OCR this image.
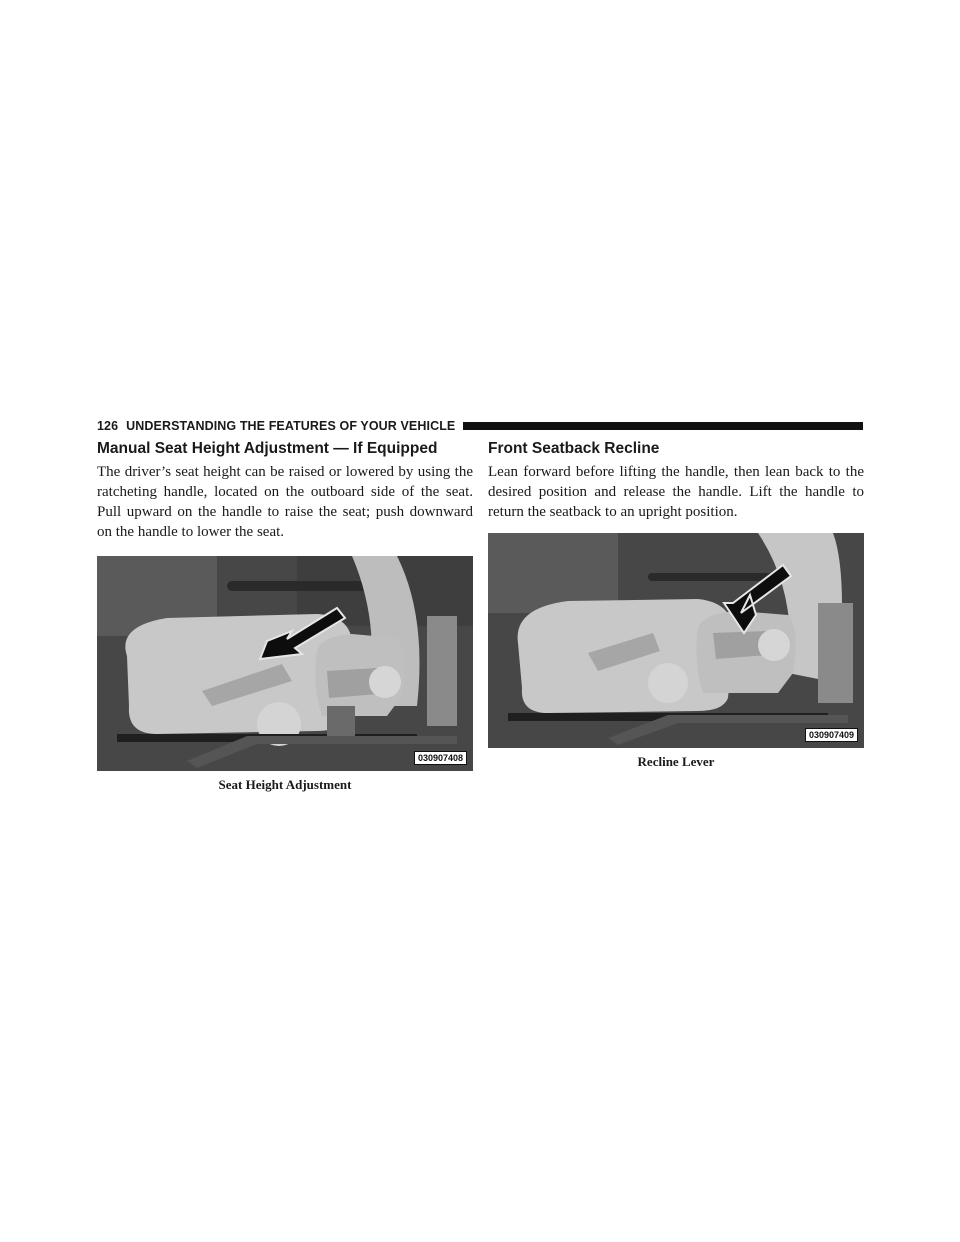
126 UNDERSTANDING THE FEATURES OF YOUR VEHICLE
Manual Seat Height Adjustment — If Equipped

The driver’s seat height can be raised or lowered by using the ratcheting handle, located on the outboard side of the seat. Pull upward on the handle to raise the seat; push downward on the handle to lower the seat.

030907408
Seat Height Adjustment
Front Seatback Recline

Lean forward before lifting the handle, then lean back to the desired position and release the handle. Lift the handle to return the seatback to an upright position.

030907409
Recline Lever
